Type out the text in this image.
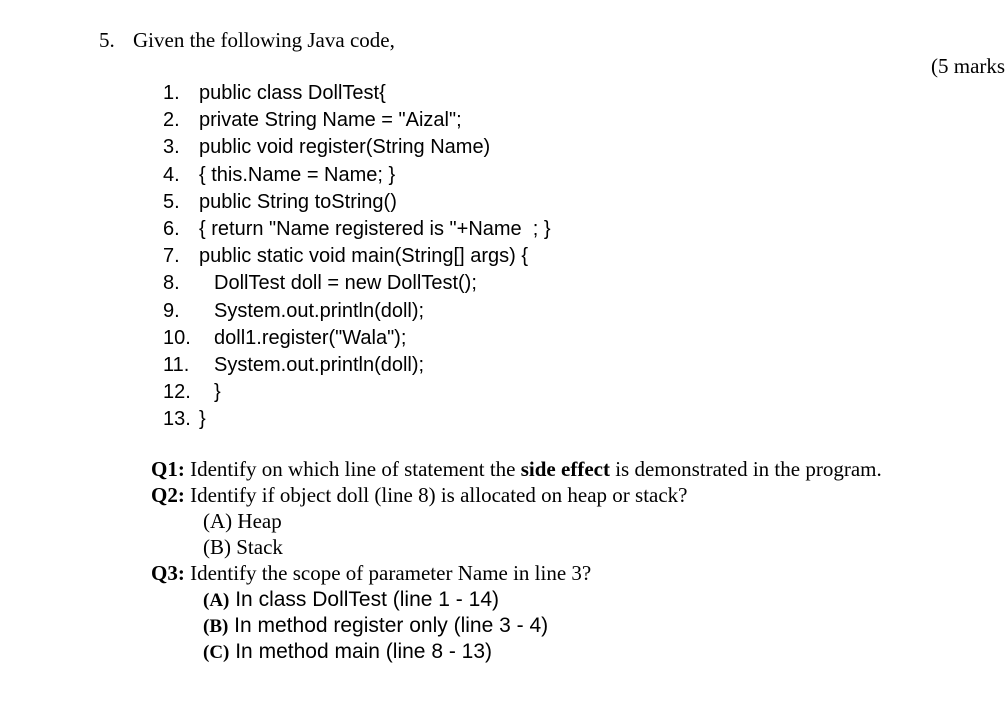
5. Given the following Java code,
(5 marks
1. public class DollTest{
2. private String Name = "Aizal";
3. public void register(String Name)
4. { this.Name = Name; }
5. public String toString()
6. { return "Name registered is "+Name  ; }
7. public static void main(String[] args) {
8. DollTest doll = new DollTest();
9. System.out.println(doll);
10. doll1.register("Wala");
11. System.out.println(doll);
12. }
13. }
Q1: Identify on which line of statement the side effect is demonstrated in the program.
Q2: Identify if object doll (line 8) is allocated on heap or stack?
(A) Heap
(B) Stack
Q3: Identify the scope of parameter Name in line 3?
(A) In class DollTest (line 1 - 14)
(B) In method register only (line 3 - 4)
(C) In method main (line 8 - 13)
